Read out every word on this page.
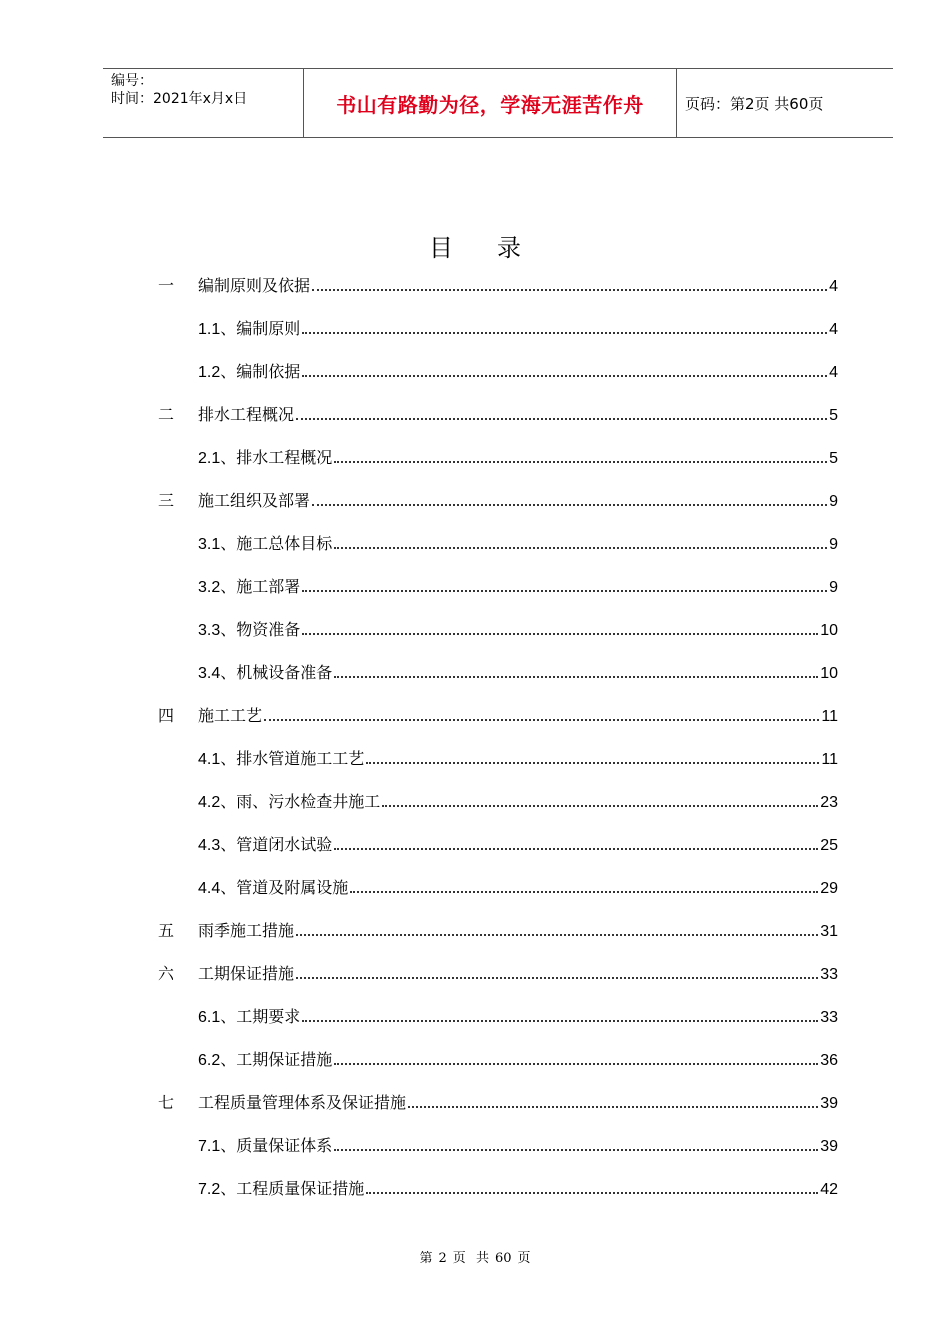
编号：
时间：2021年x月x日	书山有路勤为径，学海无涯苦作舟	页码：第2页 共60页
目 录
一	编制原则及依据	4
1.1、 编制原则	4
1.2、 编制依据	4
二	排水工程概况	5
2.1、 排水工程概况	5
三	施工组织及部署	9
3.1、 施工总体目标	9
3.2、 施工部署	9
3.3、 物资准备	10
3.4、 机械设备准备	10
四	施工工艺	11
4.1、 排水管道施工工艺	11
4.2、 雨、污水检查井施工	23
4.3、 管道闭水试验	25
4.4、 管道及附属设施	29
五	雨季施工措施	31
六	工期保证措施	33
6.1、 工期要求	33
6.2、 工期保证措施	36
七	工程质量管理体系及保证措施	39
7.1、 质量保证体系	39
7.2、 工程质量保证措施	42
第 2 页 共 60 页
